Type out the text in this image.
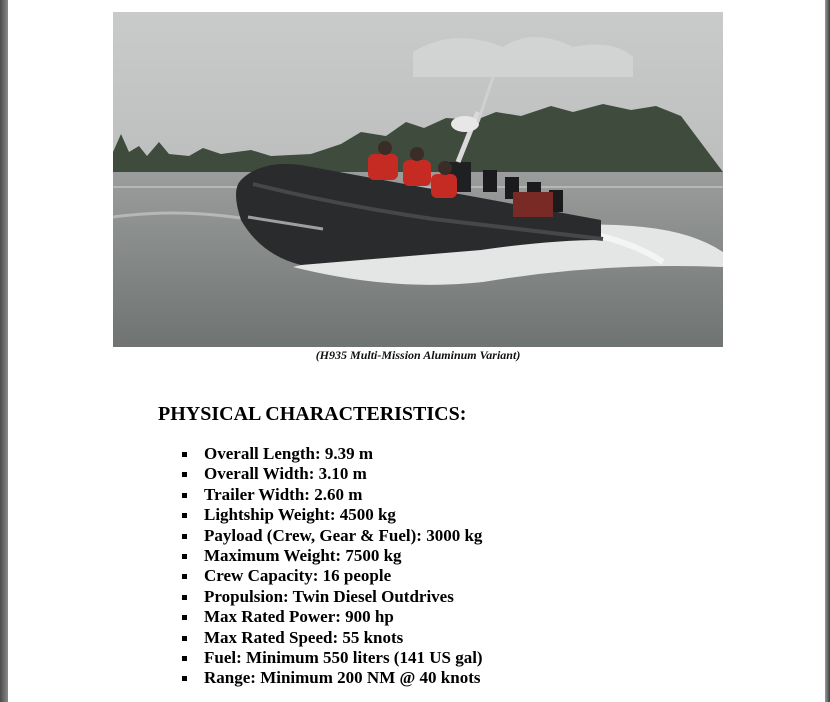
(H935 Multi-Mission Aluminum Variant)
PHYSICAL CHARACTERISTICS:
Overall Length: 9.39 m
Overall Width: 3.10 m
Trailer Width: 2.60 m
Lightship Weight: 4500 kg
Payload (Crew, Gear & Fuel): 3000 kg
Maximum Weight: 7500 kg
Crew Capacity: 16 people
Propulsion: Twin Diesel Outdrives
Max Rated Power: 900 hp
Max Rated Speed: 55 knots
Fuel: Minimum 550 liters (141 US gal)
Range: Minimum 200 NM @ 40 knots
